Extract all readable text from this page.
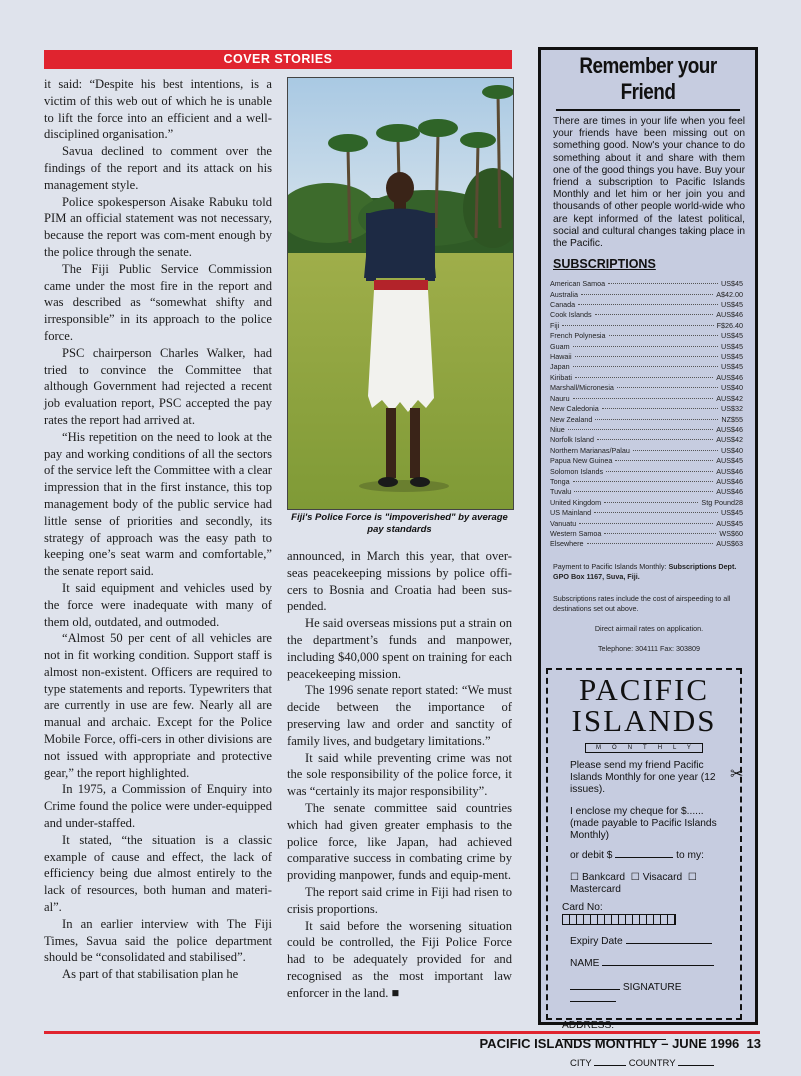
COVER STORIES

it said: “Despite his best intentions, is a victim of this web out of which he is unable to lift the force into an efficient and a well-disciplined organisation.”

Savua declined to comment over the findings of the report and its attack on his management style.

Police spokesperson Aisake Rabuku told PIM an official statement was not necessary, because the report was com-ment enough by the police through the senate.

The Fiji Public Service Commission came under the most fire in the report and was described as “somewhat shifty and irresponsible” in its approach to the police force.

PSC chairperson Charles Walker, had tried to convince the Committee that although Government had rejected a recent job evaluation report, PSC accepted the pay rates the report had arrived at.

“His repetition on the need to look at the pay and working conditions of all the sectors of the service left the Committee with a clear impression that in the first instance, this top management body of the public service had little sense of priorities and secondly, its strategy of approach was the easy path to keeping one’s seat warm and comfortable,” the senate report said.

It said equipment and vehicles used by the force were inadequate with many of them old, outdated, and outmoded.

“Almost 50 per cent of all vehicles are not in fit working condition. Support staff is almost non-existent. Officers are required to type statements and reports. Typewriters that are currently in use are few. Nearly all are manual and archaic. Except for the Police Mobile Force, offi-cers in other divisions are not issued with appropriate and protective gear,” the report highlighted.

In 1975, a Commission of Enquiry into Crime found the police were under-equipped and under-staffed.

It stated, “the situation is a classic example of cause and effect, the lack of efficiency being due almost entirely to the lack of resources, both human and materi-al”.

In an earlier interview with The Fiji Times, Savua said the police department should be “consolidated and stabilised”.

As part of that stabilisation plan he

Fiji's Police Force is "impoverished" by average pay standards

announced, in March this year, that over-seas peacekeeping missions by police offi-cers to Bosnia and Croatia had been sus-pended.

He said overseas missions put a strain on the department’s funds and manpower, including $40,000 spent on training for each peacekeeping mission.

The 1996 senate report stated: “We must decide between the importance of preserving law and order and sanctity of family lives, and budgetary limitations.”

It said while preventing crime was not the sole responsibility of the police force, it was “certainly its major responsibility”.

The senate committee said countries which had given greater emphasis to the police force, like Japan, had achieved comparative success in combating crime by providing manpower, funds and equip-ment.

The report said crime in Fiji had risen to crisis proportions.

It said before the worsening situation could be controlled, the Fiji Police Force had to be adequately provided for and recognised as the most important law enforcer in the land. ■

Remember your Friend
There are times in your life when you feel your friends have been missing out on something good. Now's your chance to do something about it and share with them one of the good things you have. Buy your friend a subscription to Pacific Islands Monthly and let him or her join you and thousands of other people world-wide who are kept informed of the latest political, social and cultural changes taking place in the Pacific.
SUBSCRIPTIONS
American Samoa	US$45
Australia	A$42.00
Canada	US$45
Cook Islands	AUS$46
Fiji	F$26.40
French Polynesia	US$45
Guam	US$45
Hawaii	US$45
Japan	US$45
Kiribati	AUS$46
Marshall/Micronesia	US$40
Nauru	AUS$42
New Caledonia	US$32
New Zealand	NZ$55
Niue	AUS$46
Norfolk Island	AUS$42
Northern Marianas/Palau	US$40
Papua New Guinea	AUS$45
Solomon Islands	AUS$46
Tonga	AUS$46
Tuvalu	AUS$46
United Kingdom	Stg Pound28
US Mainland	US$45
Vanuatu	AUS$45
Western Samoa	WS$60
Elsewhere	AUS$63
Payment to Pacific Islands Monthly: Subscriptions Dept. GPO Box 1167, Suva, Fiji.
Subscriptions rates include the cost of airspeeding to all destinations set out above.
Direct airmail rates on application.
Telephone: 304111 Fax: 303809
PACIFIC
ISLANDS
MONTHLY
Please send my friend Pacific Islands Monthly for one year (12 issues).
I enclose my cheque for $...... (made payable to Pacific Islands Monthly)
or debit $	to my:
☐ Bankcard ☐ Visacard ☐
Mastercard
Card No:
Expiry Date
NAME
SIGNATURE
ADDRESS:
CITY	COUNTRY
✂
PACIFIC ISLANDS MONTHLY – JUNE 1996 13
